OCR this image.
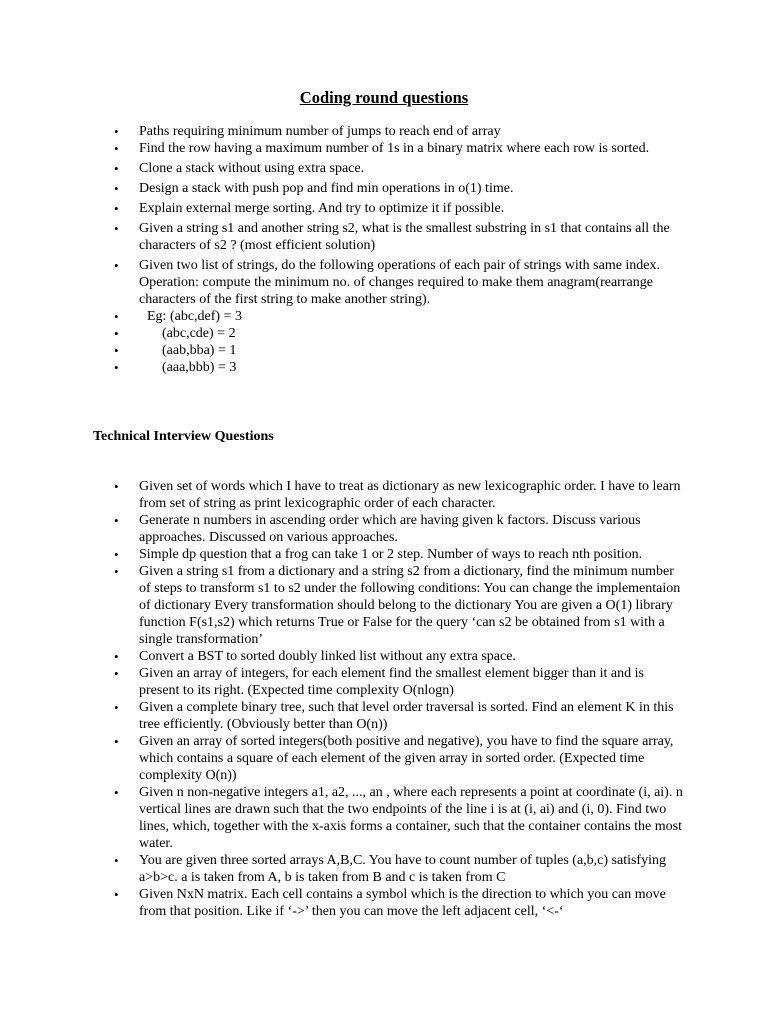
Coding round questions
• Paths requiring minimum number of jumps to reach end of array
• Find the row having a maximum number of 1s in a binary matrix where each row is sorted.
• Clone a stack without using extra space.
• Design a stack with push pop and find min operations in o(1) time.
• Explain external merge sorting. And try to optimize it if possible.
• Given a string s1 and another string s2, what is the smallest substring in s1 that contains all the characters of s2 ? (most efficient solution)
• Given two list of strings, do the following operations of each pair of strings with same index. Operation: compute the minimum no. of changes required to make them anagram(rearrange characters of the first string to make another string).
• Eg: (abc,def) = 3
•	(abc,cde) = 2
•	(aab,bba) = 1
•	(aaa,bbb) = 3
Technical Interview Questions
• Given set of words which I have to treat as dictionary as new lexicographic order. I have to learn from set of string as print lexicographic order of each character.
• Generate n numbers in ascending order which are having given k factors. Discuss various approaches. Discussed on various approaches.
• Simple dp question that a frog can take 1 or 2 step. Number of ways to reach nth position.
• Given a string s1 from a dictionary and a string s2 from a dictionary, find the minimum number of steps to transform s1 to s2 under the following conditions: You can change the implementaion of dictionary Every transformation should belong to the dictionary You are given a O(1) library function F(s1,s2) which returns True or False for the query ‘can s2 be obtained from s1 with a single transformation’
• Convert a BST to sorted doubly linked list without any extra space.
• Given an array of integers, for each element find the smallest element bigger than it and is present to its right. (Expected time complexity O(nlogn)
• Given a complete binary tree, such that level order traversal is sorted. Find an element K in this tree efficiently. (Obviously better than O(n))
• Given an array of sorted integers(both positive and negative), you have to find the square array, which contains a square of each element of the given array in sorted order. (Expected time complexity O(n))
• Given n non-negative integers a1, a2, ..., an , where each represents a point at coordinate (i, ai). n vertical lines are drawn such that the two endpoints of the line i is at (i, ai) and (i, 0). Find two lines, which, together with the x-axis forms a container, such that the container contains the most water.
• You are given three sorted arrays A,B,C. You have to count number of tuples (a,b,c) satisfying a>b>c. a is taken from A, b is taken from B and c is taken from C
• Given NxN matrix. Each cell contains a symbol which is the direction to which you can move from that position. Like if ‘->’ then you can move the left adjacent cell, ‘<-‘
